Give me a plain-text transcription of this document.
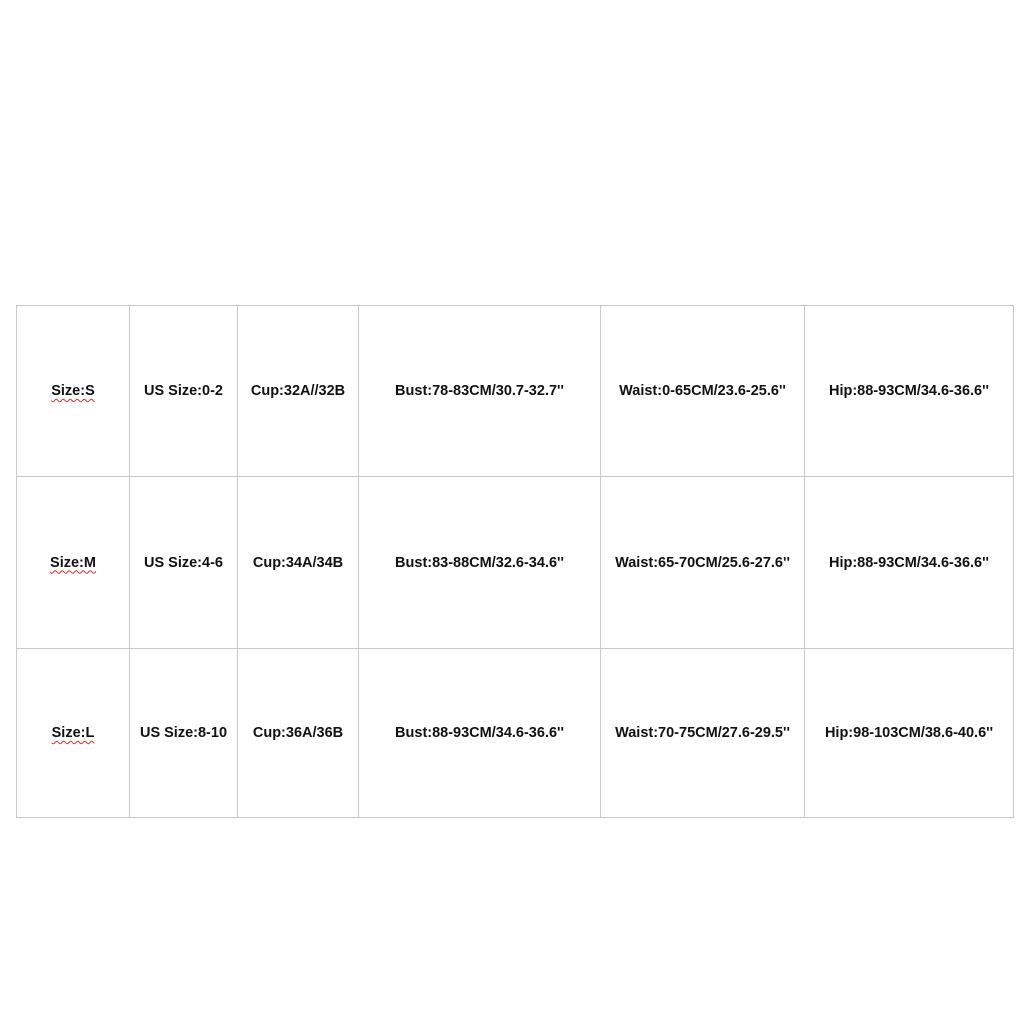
Size:S	US Size:0-2	Cup:32A//32B	Bust:78-83CM/30.7-32.7''	Waist:0-65CM/23.6-25.6''	Hip:88-93CM/34.6-36.6''
Size:M	US Size:4-6	Cup:34A/34B	Bust:83-88CM/32.6-34.6''	Waist:65-70CM/25.6-27.6''	Hip:88-93CM/34.6-36.6''
Size:L	US Size:8-10	Cup:36A/36B	Bust:88-93CM/34.6-36.6''	Waist:70-75CM/27.6-29.5''	Hip:98-103CM/38.6-40.6''
